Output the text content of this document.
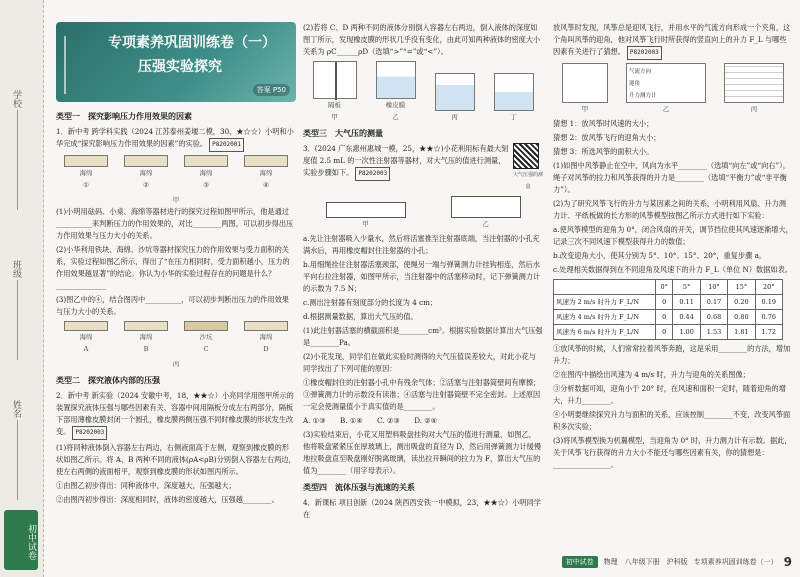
学校
班级
姓名
初中试卷
专项素养巩固训练卷（一）
压强实验探究
答案 P50
类型一　探究影响压力作用效果的因素
1．新中考 跨学科实践（2024 江苏泰州姜堰二模，30，★☆☆）小明和小华完成“探究影响压力作用效果的因素”的实验。 P8202001
海绵
①
海绵
②
海绵
③
海绵
④
甲
(1)小明用砝码、小桌、海绵等器材进行的探究过程如图甲所示，他是通过__________来判断压力的作用效果的，对比________两图，可以初步得出压力作用效果与压力大小的关系。
(2)小华利用铁块、海绵、沙坑等器材探究压力的作用效果与受力面积的关系，实验过程如图乙所示，得出了“在压力相同时，受力面积越小，压力的作用效果越显著”的结论。你认为小华的实验过程存在的问题是什么？______________
(3)图乙中的④，结合图丙中__________，可以初步判断出压力的作用效果与压力大小的关系。
海绵
A
海绵
B
沙坑
C
海绵
D
丙
类型二　探究液体内部的压强
2．新中考 新实验（2024 安徽中考，18，★★☆）小亮同学用图甲所示的装置探究液体压强与哪些因素有关，容器中间用隔板分成左右两部分，隔板下部用薄橡皮膜封闭一个圆孔，橡皮膜两侧压强不同时橡皮膜的形状发生改变。 P8202003
(1)将同种液体倒入容器左右两边，右侧液面高于左侧，观察到橡皮膜的形状如图乙所示。将 A、B 两种不同的液体(ρA<ρB)分别倒入容器左右两边，使左右两侧的液面相平，观察到橡皮膜的形状如图丙所示。
①由图乙初步得出：同种液体中，深度越大，压强越大；
②由图丙初步得出：深度相同时，液体的密度越大，压强越________。
(2)若将 C、D 两种不同的液体分别倒入容器左右两边，倒入液体的深度如图丁所示，发现橡皮膜的形状几乎没有变化，由此可知两种液体的密度大小关系为 ρC______ρD（选填“>”“=”或“<”）。
隔板
甲
橡皮膜
乙	丙	丁
类型三　大气压的测量
3．(2024 广东惠州惠城一模，25，★★☆)小花利用标有最大刻度值 2.5 mL 的一次性注射器等器材，对大气压的值进行测量，实验步骤如下。 P8202003	大气压强的测量
甲	乙
a.先让注射器吸入少量水，然后将活塞推至注射器底端，当注射器的小孔充满水后，再用橡皮帽封住注射器的小孔；
b.用细绳拴住注射器活塞颈部，使绳另一端与弹簧测力计挂钩相连，然后水平向右拉注射器，如图甲所示，当注射器中的活塞移动时，记下弹簧测力计的示数为 7.5 N；
c.测出注射器有刻度部分的长度为 4 cm；
d.根据测量数据，算出大气压的值。
(1)此注射器活塞的横截面积是________cm²。根据实验数据计算出大气压强是________Pa。
(2)小花发现，同学们在做此实验时测得的大气压值误差较大，对此小花与同学找出了下列可能的原因：
①橡皮帽封住的注射器小孔中有残余气体；②活塞与注射器筒壁间有摩擦；③弹簧测力计的示数没有读准；④活塞与注射器筒壁不完全密封。上述原因一定会使测量值小于真实值的是________。
A. ①③　　B. ①④　　C. ②③　　D. ②④
(3)实验结束后，小花又用塑料吸盘挂钩对大气压的值进行测量，如图乙，他将吸盘紧紧压在厚玻璃上，测出吸盘的直径为 D，然后用弹簧测力计缓慢地拉吸盘直至吸盘刚好脱离玻璃，读出拉开瞬间的拉力为 F，算出大气压的值为________（用字母表示）。
类型四　流体压强与流速的关系
4．新课标 项目创新（2024 陕西西安铁一中模拟，23，★★☆）小明同学在
放风筝时发现，风筝总是迎风飞行，并用水平的气流方向形成一个夹角，这个角叫风筝的迎角，他对风筝飞行时所获得的竖直向上的升力 F_L 与哪些因素有关进行了猜想。 P8202003
甲
气流方向
迎角
升力测力计
乙	丙
猜想 1：放风筝时风速的大小；
猜想 2：放风筝飞行的迎角大小；
猜想 3：所选风筝的面积大小。
(1)如图中风筝静止在空中，风向为水平________（选填“向左”或“向右”），绳子对风筝的拉力和风筝获得的升力是________（选填“平衡力”或“非平衡力”）。
(2)为了研究风筝飞行的升力与某因素之间的关系，小明利用风扇、升力测力计、平纸板做的长方形的风筝模型按图乙所示方式进行如下实验：
a.使风筝模型的迎角为 0°，闭合风扇的开关，调节挡位使其风速逐渐增大，记录三次不同风速下模型获得升力的数值；
b.改变迎角大小，使其分别为 5°、10°、15°、20°，重复步骤 a。
c.处理相关数据得到在不同迎角及风速下的升力 F_L（单位 N）数据如表。
	0°	5°	10°	15°	20°
风速为 2 m/s 时升力 F_L/N	0	0.11	0.17	0.20	0.19
风速为 4 m/s 时升力 F_L/N	0	0.44	0.68	0.80	0.76
风速为 6 m/s 时升力 F_L/N	0	1.00	1.53	1.81	1.72
①放风筝的时候，人们常常拉着风筝奔跑，这是采用________的方法，增加升力；
②在图丙中描绘出风速为 4 m/s 时，升力与迎角的关系图像；
③分析数据可知，迎角小于 20° 时，在风速和面积一定时，随着迎角的增大，升力________。
④小明要继续探究升力与面积的关系，应该控制________不变，改变风筝面积多次实验；
(3)将风筝模型换为机翼模型，当迎角为 0° 时，升力测力计有示数。据此，关于风筝飞行获得的升力大小不能还与哪些因素有关，你的猜想是：________________。
初中试卷	物理　八年级下册　沪科版 专项素养巩固训练卷（一） 9
